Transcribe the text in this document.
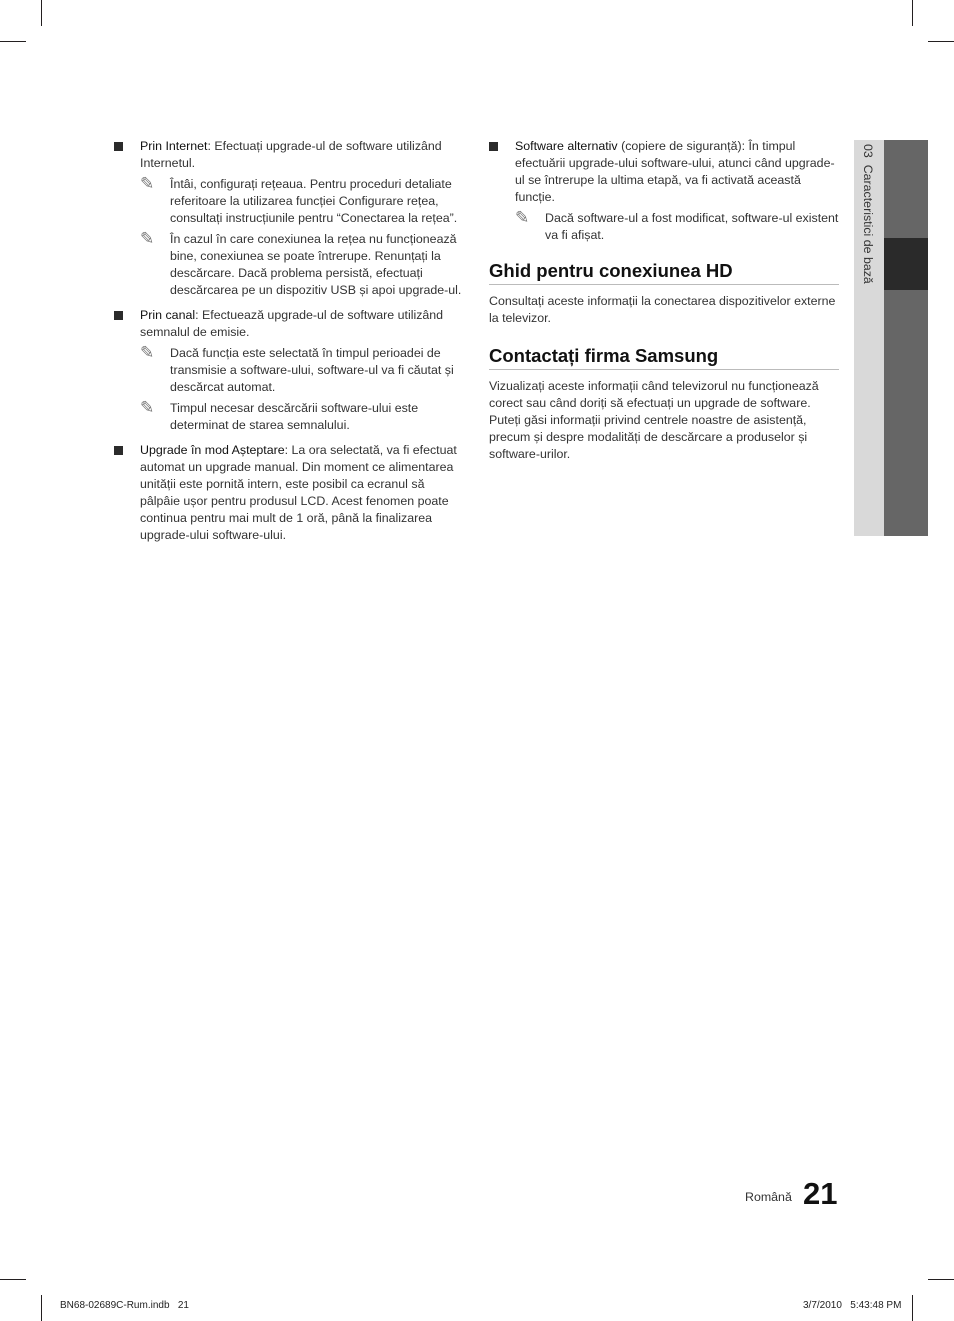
Prin Internet: Efectuați upgrade-ul de software utilizând Internetul.
✎ Întâi, configurați rețeaua. Pentru proceduri detaliate referitoare la utilizarea funcției Configurare rețea, consultați instrucțiunile pentru “Conectarea la rețea”.
✎ În cazul în care conexiunea la rețea nu funcționează bine, conexiunea se poate întrerupe. Renunțați la descărcare. Dacă problema persistă, efectuați descărcarea pe un dispozitiv USB și apoi upgrade-ul.
Prin canal: Efectuează upgrade-ul de software utilizând semnalul de emisie.
✎ Dacă funcția este selectată în timpul perioadei de transmisie a software-ului, software-ul va fi căutat și descărcat automat.
✎ Timpul necesar descărcării software-ului este determinat de starea semnalului.
Upgrade în mod Așteptare: La ora selectată, va fi efectuat automat un upgrade manual. Din moment ce alimentarea unității este pornită intern, este posibil ca ecranul să pâlpâie ușor pentru produsul LCD. Acest fenomen poate continua pentru mai mult de 1 oră, până la finalizarea upgrade-ului software-ului.
Software alternativ (copiere de siguranță): În timpul efectuării upgrade-ului software-ului, atunci când upgrade-ul se întrerupe la ultima etapă, va fi activată această funcție.
✎ Dacă software-ul a fost modificat, software-ul existent va fi afișat.
Ghid pentru conexiunea HD

Consultați aceste informații la conectarea dispozitivelor externe la televizor.

Contactați firma Samsung

Vizualizați aceste informații când televizorul nu funcționează corect sau când doriți să efectuați un upgrade de software. Puteți găsi informații privind centrele noastre de asistență, precum și despre modalități de descărcare a produselor și software-urilor.

03  Caracteristici de bază
Română 21
BN68-02689C-Rum.indb   21	3/7/2010   5:43:48 PM
